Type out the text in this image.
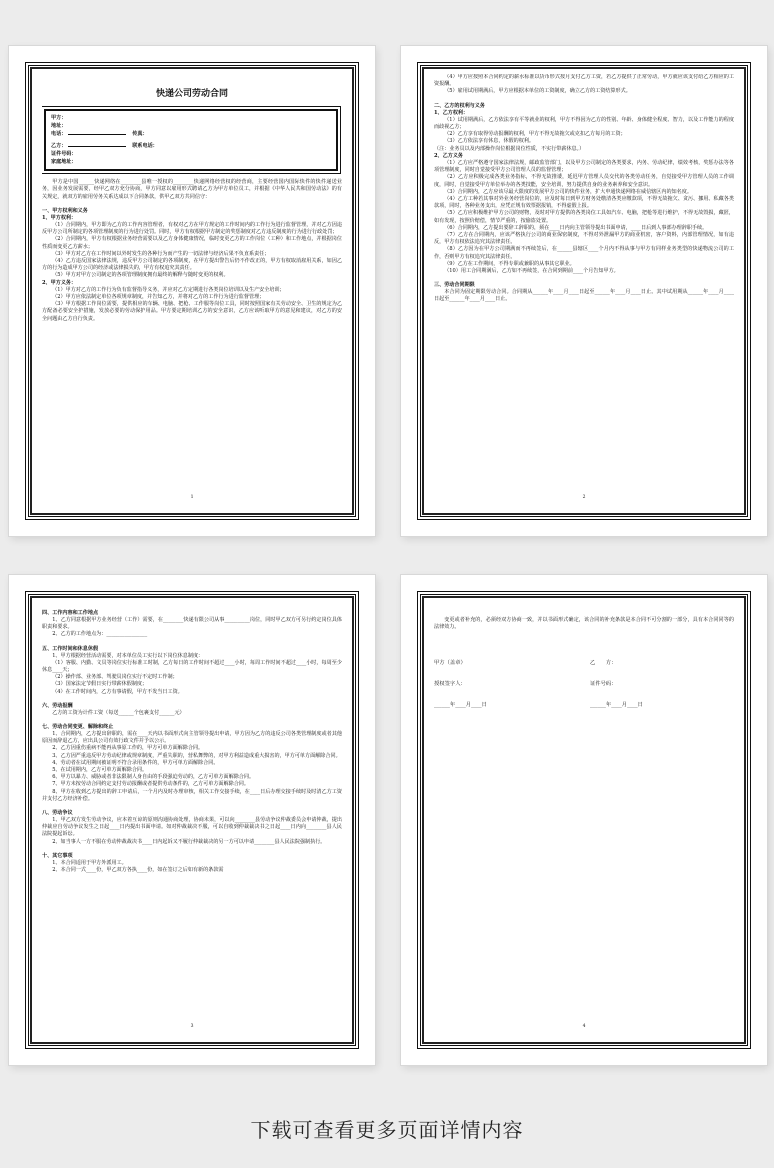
快递公司劳动合同
甲方：
地址：
电话：	传真：
乙方：	联系电话：
证件号码：
家庭地址：
甲方是中国______快递网络在________县唯一授权的________快递网络经营权的经营商，主要经营国内国际快件的快件递送业务，因业务发展需要，经甲乙双方充分协商，甲方同意以雇用形式聘请乙方为甲方单位员工，并根据《中华人民共和国劳动法》的有关规定，就双方的雇用劳务关系达成以下合同条款，供甲乙双方共同信守：
一、甲方权利和义务
1、甲方权利：
（1）合同期内，甲方即为乙方的工作内容管理者，有权对乙方在甲方规定的工作时间内的工作行为进行监督管理，并对乙方因违反甲方公司所制定的各项管理制度的行为进行处罚。同时，甲方有权根据甲方制定的奖惩制度对乙方违反制度的行为进行行政处罚；
（2）合同期内，甲方有权根据业务经营需要以及乙方身体健康情况，临时变更乙方的工作岗位（工种）和工作地点，并根据岗位性质而变更乙方薪水；
（3）甲方对乙方在工作时间以外时发生的各种行为而产生的一切法律与经济后果不负直系责任；
（4）乙方违反国家法律法规，违反甲方公司制定的各项制度，在甲方提出警告后仍不作改正的，甲方有权取消雇用关系，如因乙方的行为造成甲方公司的经济或法律损失的，甲方有权追究其责任。
（5）甲方对甲方公司制定的各项管理制度拥有最终的解释与随时变更的权利。
2、甲方义务：
（1）甲方对乙方的工作行为负有监督指导义务，并应对乙方定期进行各类岗位培训以及生产安全培训；
（2）甲方应依法制定单位各项规章制度，并告知乙方，并将对乙方的工作行为进行监督管理；
（3）甲方根据工作岗位需要，提供相应的车辆、电脑、把枪、工作服等岗位工具，同时按照国家有关劳动安全、卫生的规定为乙方配备必要安全护措施，发放必要的劳动保护用品。甲方要定期培训乙方的安全意识，乙方应该听取甲方的意见和建议，对乙方的安全问题由乙方自行负责。
1
（4）甲方应按照本合同约定的薪水标准以货币形式按月支付乙方工资，若乙方提供了正常劳动，甲方就应该支付给乙方相应的工资报酬。
（5）雇用试用期满后，甲方应根据本单位的工资制度，确立乙方的工资结算形式。
二、乙方的权利与义务
1、乙方权利：
（1）试用期满后，乙方依法享有平等就业的权利，甲方不得因为乙方的性别、年龄、身体健全程度、智力，以及工作能力的程度而歧视乙方；
（2）乙方享有取得劳动报酬的权利，甲方不得无故拖欠或克扣乙方每月的工资；
（3）乙方依法享有休息，休假的权利。
（注：业务员以及内部操作岗位根据岗位性质，不实行带薪休息。）
2、乙方义务
（1）乙方应严格遵守国家法律法规，邮政监管部门，以及甲方公司制定的各类要求，内务、劳动纪律，绩效考核，奖惩办法等各项管理制度，同时自觉接受甲方公司管理人员的监督管理；
（2）乙方应积极完成各类业务指标，不得无故推诿，延迟甲方管理人员交代的各类劳动任务，自觉接受甲方管理人员的工作调度，同时，自觉接受甲方单位举办的各类技能，安全培训，努力提供自身的业务素养和安全意识。
（3）合同期内，乙方应该尽最大限度的发展甲方公司的快件业务，扩大申通快递网络在威信辖区内的知名度。
（4）乙方工种若其事对外业务经营岗位的，应及时每日到甲方财务处缴清各类应缴款项，不得无故拖欠、贪污、挪用、私藏各类款项，同时，各种业务支出，应凭正规有效票据报销，不得虚假上报。
（5）乙方应积极维护甲方公司的财物，及时对甲方提供的各类岗位工具如汽车、电脑，把枪等进行维护，不得无故毁损，藏匿，如有发现，按照价赔偿，情节严重的，按偷盗处置。
（6）合同期内，乙方提出要辞工辞职的，须在____日内向主管领导提出书面申请，____日后到人事部办理辞职手续。
（7）乙方在合同期内，应该严格执行公司的商业保密制度，不得对外泄漏甲方的商业机密，客户资料，内部管理情况，如有违反，甲方有权依法追究其法律责任。
（8）乙方因为在甲方公司期满而不再续签后，在______县辖区____个月内不得从事与甲方有同样业务类型的快递物流公司的工作，否则甲方有权追究其法律责任。
（9）乙方在工作期间，不得专职或兼职的从事其它职业。
（10）用工合同期满后，乙方如不再续签，在合同到期前____个月告知甲方。
三、劳动合同期限
本合同为固定期限劳动合同。合同期从______年____月____日起至______年____月____日止。其中试用期从______年____月____日起至______年____月____日止。
2
四、工作内容和工作地点
1、乙方同意根据甲方业务经营（工作）需要，在________快递有限公司从事__________岗位，同时甲乙双方可另行约定岗位具体职责和要求。
2、乙方的工作地点为：________________
五、工作时间和休息休假
1、甲方根据经营活动需要，对本单位员工实行以下岗位休息制度：
（1）客服、内勤、文员等岗位实行标准工时制，乙方每日的工作时间不超过____小时，每周工作时间不超过____小时，每周至少休息____天；
（2）操作部、业务部、驾驶员岗位实行不定时工作制；
（3）国家法定节假日实行带薪休假制度；
（4）在工作时间内，乙方有事请假，甲方不发当日工资。
六、劳动报酬
乙方的工资为计件工资（每送______个包裹支付______元）
七、劳动合同变更、解除和终止
1、合同期内，乙方提出辞职的，需在____天内以书面形式向主管领导提出申请，甲方因为乙方的违反公司各类管理制度或者其他原因而辞退乙方，应出具公司有效行政文件并予以公示。
2、乙方因重伤重病不能再从事原工作的，甲方可单方面解除合同。
3、乙方因严重违反甲方劳动纪律或规章制度，严重失职的，营私舞弊的，对甲方利益造成重大损害的，甲方可单方面解除合同。
4、劳动者在试用期间被证明不符合录用条件的，甲方可单方面解除合同。
5、在试用期内，乙方可单方面解除合同。
6、甲方以暴力、威胁或者非法限制人身自由的手段强迫劳动的，乙方可单方面解除合同。
7、甲方未按劳动合同约定支付劳动报酬或者提供劳动条件的，乙方可单方面解除合同。
8、甲方在收到乙方提出的辞工申请后，一个月内及时办理审核，相关工作交接手续，在____日后办理交接手续时及时清乙方工资并支付乙方经济补偿。
八、劳动争议
1、甲乙双方发生劳动争议，应本着互谅的原则沟通协商处理，协商未果，可以向________县劳动争议仲裁委员会申请仲裁，提出仲裁应自劳动争议发生之日起____日内提出书面申请。如对仲裁裁决不服，可以自收到仲裁裁决书之日起____日内向________县人民法院提起诉讼。
2、如当事人一方不服在劳动仲裁裁决书____日内起诉又不履行仲裁裁决的另一方可以申请________县人民法院强制执行。
十、其它事项
1、本合同适用于甲方外派用工。
2、本合同一式____份，甲乙双方各执____份，如在签订之后如有新的条款需
3
变更或者补充的，必须经双方协商一致，并以书面形式确定，该合同的补充条款是本合同不可分割的一部分，具有本合同同等的法律效力。
甲方（盖章）
授权签字人：
______年____月____日
乙　　方：
证件号码：
______年____月____日
4
下载可查看更多页面详情内容
